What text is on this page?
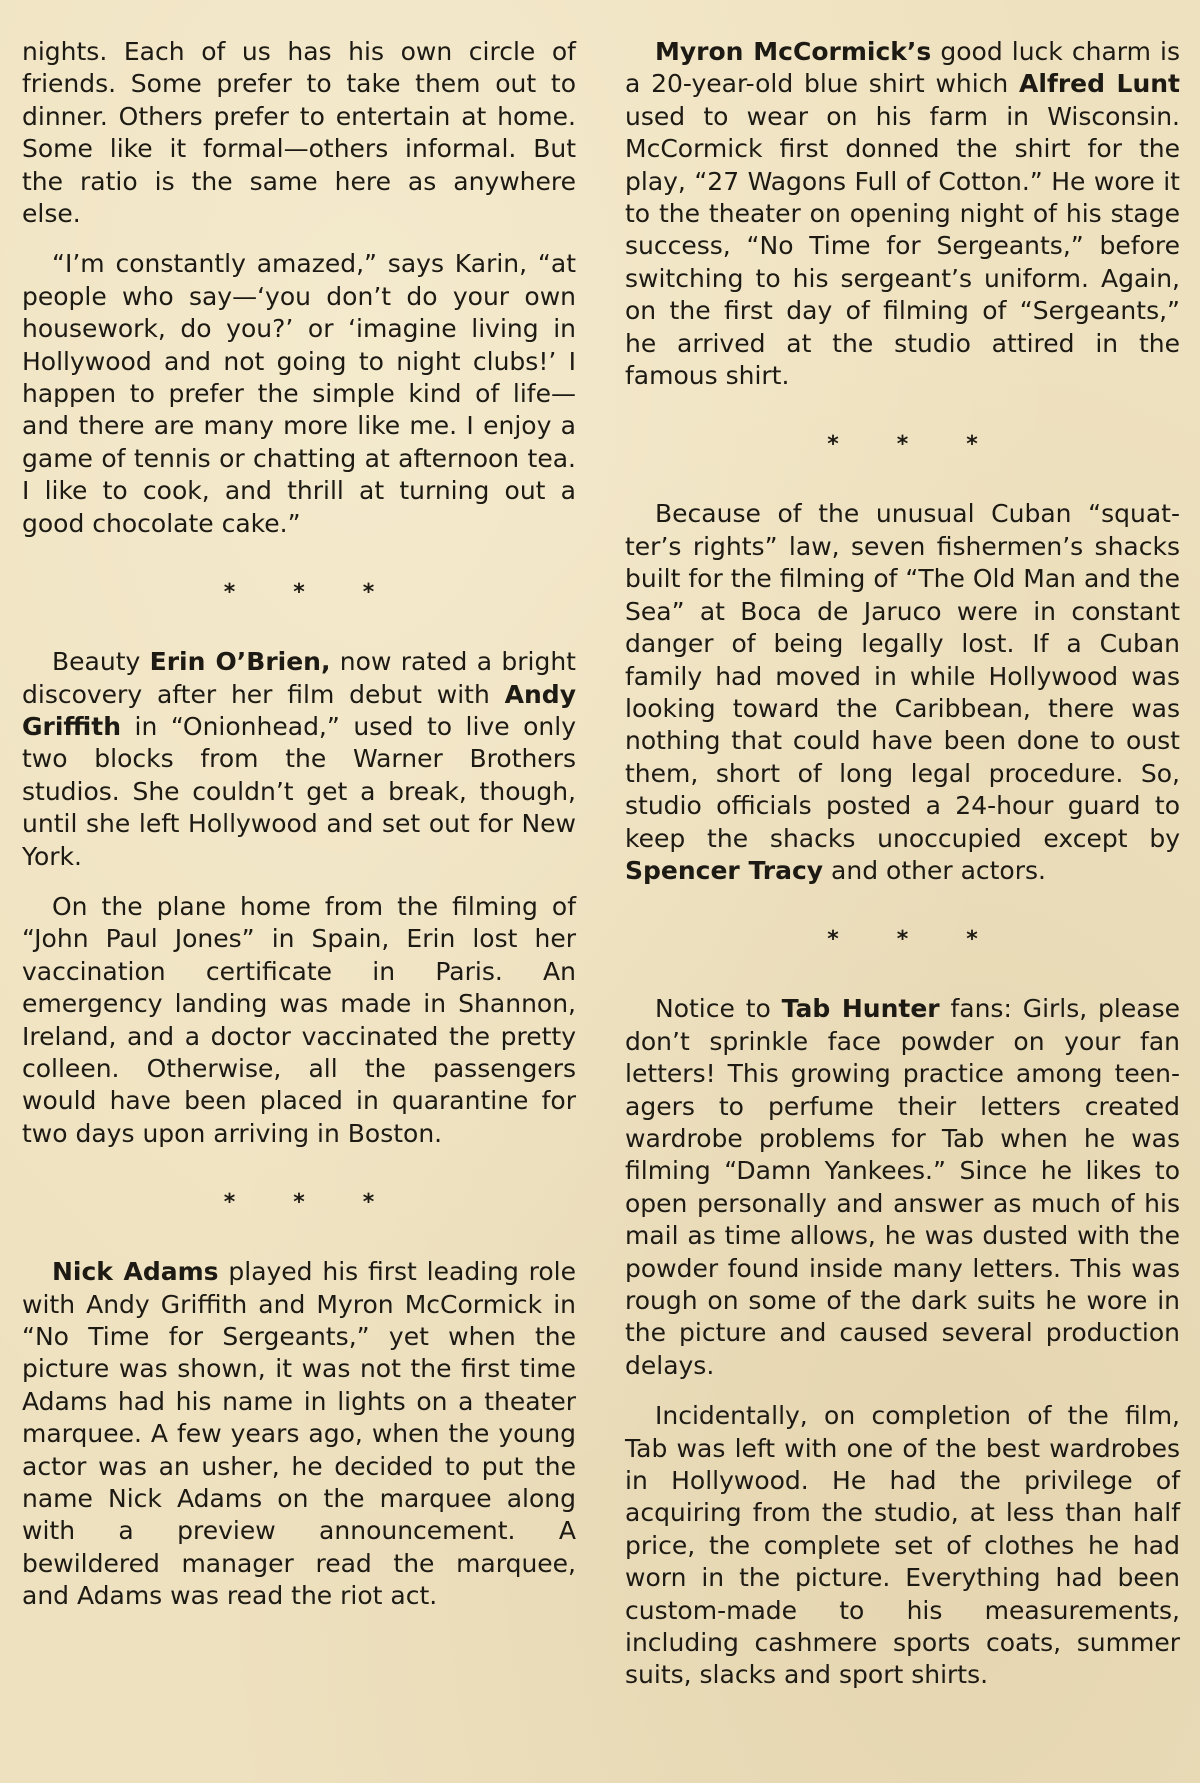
nights. Each of us has his own circle of friends. Some prefer to take them out to dinner. Others prefer to entertain at home. Some like it formal—others informal. But the ratio is the same here as anywhere else.

“I’m constantly amazed,” says Karin, “at people who say—‘you don’t do your own housework, do you?’ or ‘imagine living in Hollywood and not going to night clubs!’ I happen to prefer the simple kind of life—and there are many more like me. I enjoy a game of tennis or chatting at afternoon tea. I like to cook, and thrill at turning out a good chocolate cake.”

*	*	*

Beauty Erin O’Brien, now rated a bright discovery after her film debut with Andy Griffith in “Onionhead,” used to live only two blocks from the Warner Brothers studios. She couldn’t get a break, though, until she left Hollywood and set out for New York.

On the plane home from the filming of “John Paul Jones” in Spain, Erin lost her vaccination certificate in Paris. An emergency landing was made in Shannon, Ireland, and a doctor vaccinated the pretty colleen. Otherwise, all the passengers would have been placed in quarantine for two days upon arriving in Boston.

*	*	*

Nick Adams played his first leading role with Andy Griffith and Myron McCormick in “No Time for Sergeants,” yet when the picture was shown, it was not the first time Adams had his name in lights on a theater marquee. A few years ago, when the young actor was an usher, he decided to put the name Nick Adams on the marquee along with a preview announcement. A bewildered manager read the marquee, and Adams was read the riot act.

Myron McCormick’s good luck charm is a 20-year-old blue shirt which Alfred Lunt used to wear on his farm in Wisconsin. McCormick first donned the shirt for the play, “27 Wagons Full of Cotton.” He wore it to the theater on opening night of his stage success, “No Time for Sergeants,” before switching to his sergeant’s uniform. Again, on the first day of filming of “Sergeants,” he arrived at the studio attired in the famous shirt.

*	*	*

Because of the unusual Cuban “squatter’s rights” law, seven fishermen’s shacks built for the filming of “The Old Man and the Sea” at Boca de Jaruco were in constant danger of being legally lost. If a Cuban family had moved in while Hollywood was looking toward the Caribbean, there was nothing that could have been done to oust them, short of long legal procedure. So, studio officials posted a 24-hour guard to keep the shacks unoccupied except by Spencer Tracy and other actors.

*	*	*

Notice to Tab Hunter fans: Girls, please don’t sprinkle face powder on your fan letters! This growing practice among teen-agers to perfume their letters created wardrobe problems for Tab when he was filming “Damn Yankees.” Since he likes to open personally and answer as much of his mail as time allows, he was dusted with the powder found inside many letters. This was rough on some of the dark suits he wore in the picture and caused several production delays.

Incidentally, on completion of the film, Tab was left with one of the best wardrobes in Hollywood. He had the privilege of acquiring from the studio, at less than half price, the complete set of clothes he had worn in the picture. Everything had been custom-made to his measurements, including cashmere sports coats, summer suits, slacks and sport shirts.
